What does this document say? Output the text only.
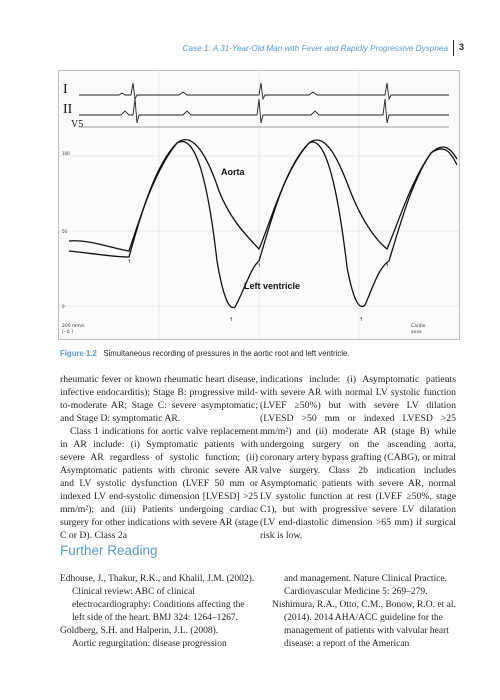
Case 1: A 31-Year-Old Man with Fever and Rapidly Progressive Dyspnea 3
↑
↑	↑
↑	↑
I
II
V5
100
50
0
Aorta
Left ventricle
200 mm/s
[- 0 ]
Cardio
xxxx
Figure 1.2 Simultaneous recording of pressures in the aortic root and left ventricle.

rheumatic fever or known rheumatic heart disease, infective endocarditis); Stage B: progressive mild-to-moderate AR; Stage C: severe asymptomatic; and Stage D: symptomatic AR.

Class 1 indications for aortic valve replacement in AR include: (i) Symptomatic patients with severe AR regardless of systolic function; (ii) Asymptomatic patients with chronic severe AR and LV systolic dysfunction (LVEF 50 mm or indexed LV end-systolic dimension [LVESD] >25 mm/m²); and (iii) Patients undergoing cardiac surgery for other indications with severe AR (stage C or D). Class 2a

indications include: (i) Asymptomatic patients with severe AR with normal LV systolic function (LVEF ≥50%) but with severe LV dilation (LVESD >50 mm or indexed LVESD >25 mm/m²) and (ii) moderate AR (stage B) while undergoing surgery on the ascending aorta, coronary artery bypass grafting (CABG), or mitral valve surgery. Class 2b indication includes Asymptomatic patients with severe AR, normal LV systolic function at rest (LVEF ≥50%, stage C1), but with progressive severe LV dilatation (LV end-diastolic dimension >65 mm) if surgical risk is low.

Further Reading

Edhouse, J., Thakur, R.K., and Khalil, J.M. (2002). Clinical review: ABC of clinical electrocardiography: Conditions affecting the left side of the heart. BMJ 324: 1264–1267.

Goldberg, S.H. and Halperin, J.L. (2008).

Aortic regurgitation: disease progression

and management. Nature Clinical Practice. Cardiovascular Medicine 5: 269–279.

Nishimura, R.A., Otto, C.M., Bonow, R.O. et al. (2014). 2014 AHA/ACC guideline for the management of patients with valvular heart disease: a report of the American
